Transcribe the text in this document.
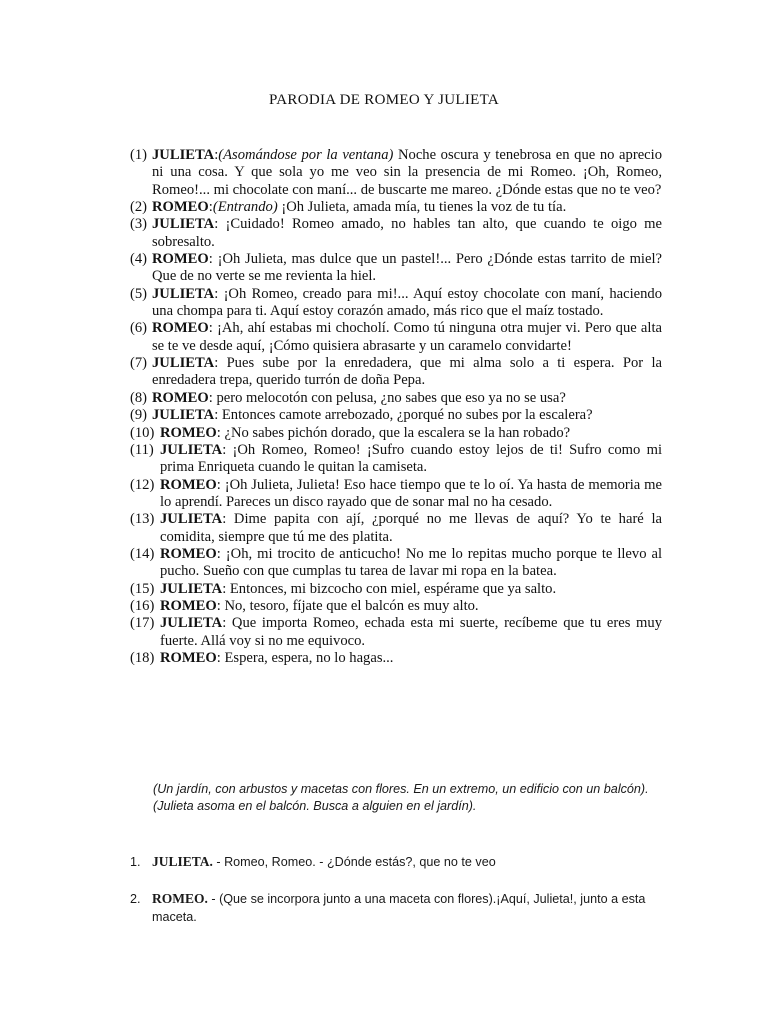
PARODIA DE ROMEO Y JULIETA
(1) JULIETA:(Asomándose por la ventana) Noche oscura y tenebrosa en que no aprecio ni una cosa. Y que sola yo me veo sin la presencia de mi Romeo. ¡Oh, Romeo, Romeo!... mi chocolate con maní... de buscarte me mareo. ¿Dónde estas que no te veo?
(2) ROMEO:(Entrando) ¡Oh Julieta, amada mía, tu tienes la voz de tu tía.
(3) JULIETA: ¡Cuidado! Romeo amado, no hables tan alto, que cuando te oigo me sobresalto.
(4) ROMEO: ¡Oh Julieta, mas dulce que un pastel!... Pero ¿Dónde estas tarrito de miel? Que de no verte se me revienta la hiel.
(5) JULIETA: ¡Oh Romeo, creado para mi!... Aquí estoy chocolate con maní, haciendo una chompa para ti. Aquí estoy corazón amado, más rico que el maíz tostado.
(6) ROMEO: ¡Ah, ahí estabas mi chocholí. Como tú ninguna otra mujer vi. Pero que alta se te ve desde aquí, ¡Cómo quisiera abrasarte y un caramelo convidarte!
(7) JULIETA: Pues sube por la enredadera, que mi alma solo a ti espera. Por la enredadera trepa, querido turrón de doña Pepa.
(8) ROMEO: pero melocotón con pelusa, ¿no sabes que eso ya no se usa?
(9) JULIETA: Entonces camote arrebozado, ¿porqué no subes por la escalera?
(10) ROMEO: ¿No sabes pichón dorado, que la escalera se la han robado?
(11) JULIETA: ¡Oh Romeo, Romeo! ¡Sufro cuando estoy lejos de ti! Sufro como mi prima Enriqueta cuando le quitan la camiseta.
(12) ROMEO: ¡Oh Julieta, Julieta! Eso hace tiempo que te lo oí. Ya hasta de memoria me lo aprendí. Pareces un disco rayado que de sonar mal no ha cesado.
(13) JULIETA: Dime papita con ají, ¿porqué no me llevas de aquí? Yo te haré la comidita, siempre que tú me des platita.
(14) ROMEO: ¡Oh, mi trocito de anticucho! No me lo repitas mucho porque te llevo al pucho. Sueño con que cumplas tu tarea de lavar mi ropa en la batea.
(15) JULIETA: Entonces, mi bizcocho con miel, espérame que ya salto.
(16) ROMEO: No, tesoro, fíjate que el balcón es muy alto.
(17) JULIETA: Que importa Romeo, echada esta mi suerte, recíbeme que tu eres muy fuerte. Allá voy si no me equivoco.
(18) ROMEO: Espera, espera, no lo hagas...
(Un jardín, con arbustos y macetas con flores. En un extremo, un edificio con un balcón).
(Julieta asoma en el balcón. Busca a alguien en el jardín).
1. JULIETA. - Romeo, Romeo. - ¿Dónde estás?, que no te veo
2. ROMEO. - (Que se incorpora junto a una maceta con flores).¡Aquí, Julieta!, junto a esta maceta.
